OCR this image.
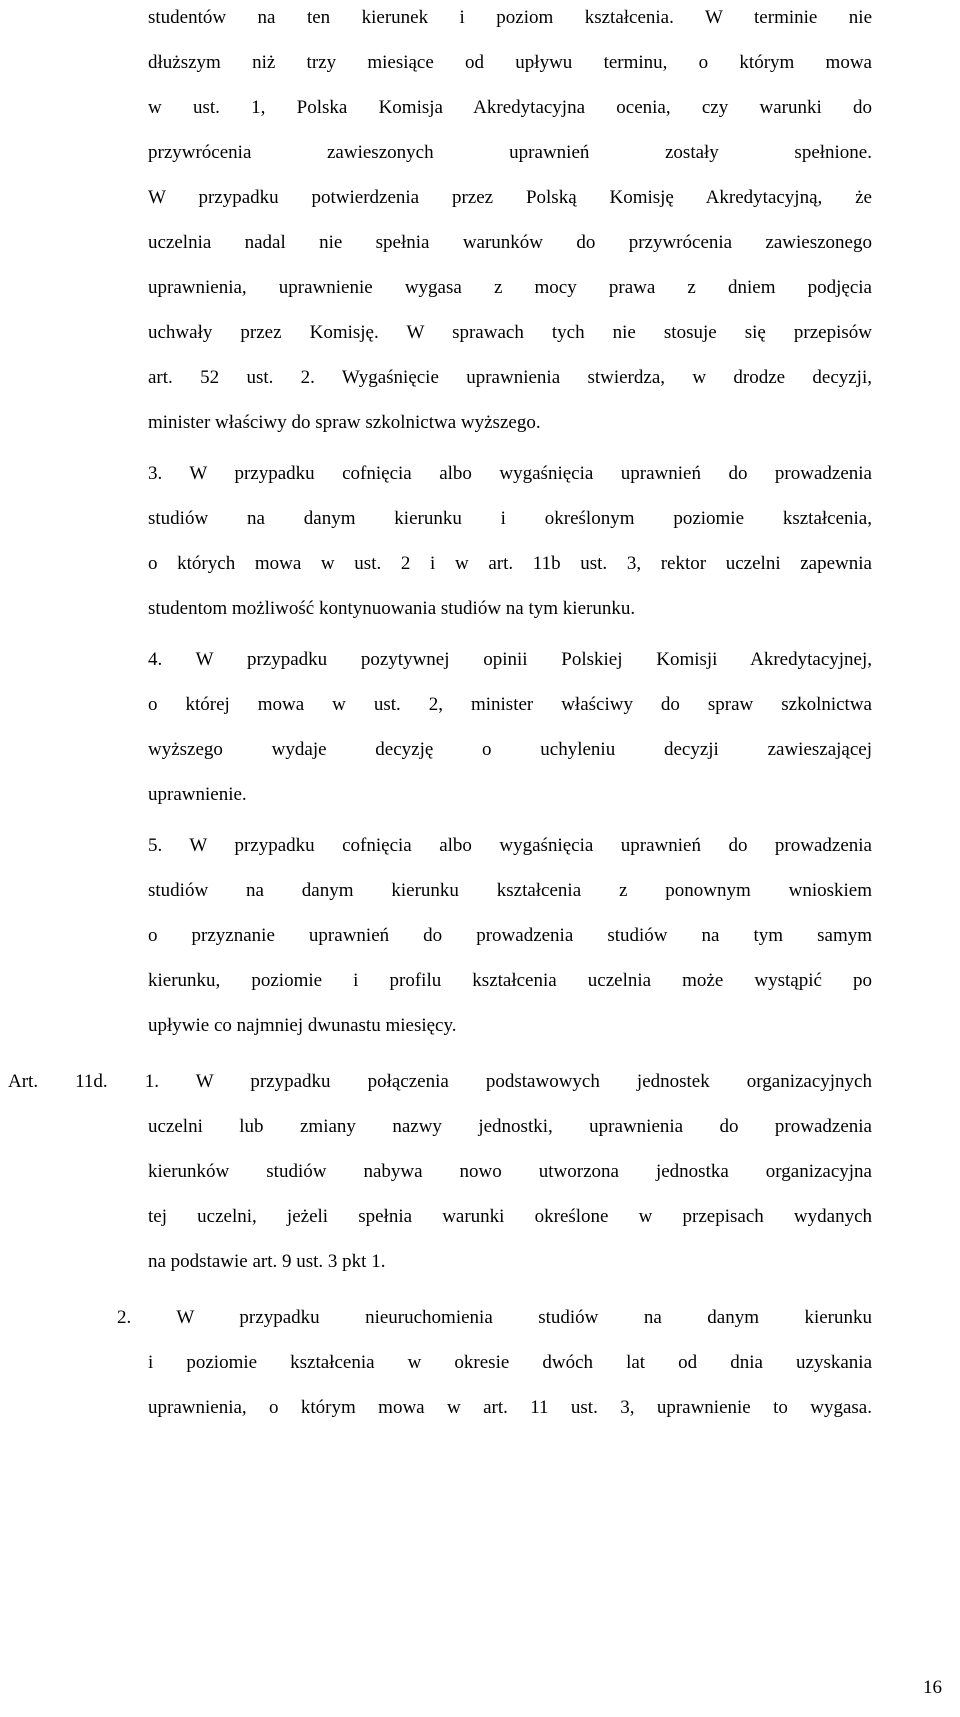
studentów na ten kierunek i poziom kształcenia. W terminie nie
dłuższym niż trzy miesiące od upływu terminu, o którym mowa
w ust. 1, Polska Komisja Akredytacyjna ocenia, czy warunki do
przywrócenia zawieszonych uprawnień zostały spełnione.
W przypadku potwierdzenia przez Polską Komisję Akredytacyjną, że
uczelnia nadal nie spełnia warunków do przywrócenia zawieszonego
uprawnienia, uprawnienie wygasa z mocy prawa z dniem podjęcia
uchwały przez Komisję. W sprawach tych nie stosuje się przepisów
art. 52 ust. 2. Wygaśnięcie uprawnienia stwierdza, w drodze decyzji,
minister właściwy do spraw szkolnictwa wyższego.
3. W przypadku cofnięcia albo wygaśnięcia uprawnień do prowadzenia
studiów na danym kierunku i określonym poziomie kształcenia,
o których mowa w ust. 2 i w art. 11b ust. 3, rektor uczelni zapewnia
studentom możliwość kontynuowania studiów na tym kierunku.
4. W przypadku pozytywnej opinii Polskiej Komisji Akredytacyjnej,
o której mowa w ust. 2, minister właściwy do spraw szkolnictwa
wyższego wydaje decyzję o uchyleniu decyzji zawieszającej
uprawnienie.
5. W przypadku cofnięcia albo wygaśnięcia uprawnień do prowadzenia
studiów na danym kierunku kształcenia z ponownym wnioskiem
o przyznanie uprawnień do prowadzenia studiów na tym samym
kierunku, poziomie i profilu kształcenia uczelnia może wystąpić po
upływie co najmniej dwunastu miesięcy.
Art. 11d. 1. W przypadku połączenia podstawowych jednostek organizacyjnych
uczelni lub zmiany nazwy jednostki, uprawnienia do prowadzenia
kierunków studiów nabywa nowo utworzona jednostka organizacyjna
tej uczelni, jeżeli spełnia warunki określone w przepisach wydanych
na podstawie art. 9 ust. 3 pkt 1.
2. W przypadku nieuruchomienia studiów na danym kierunku
i poziomie kształcenia w okresie dwóch lat od dnia uzyskania
uprawnienia, o którym mowa w art. 11 ust. 3, uprawnienie to wygasa.
16
